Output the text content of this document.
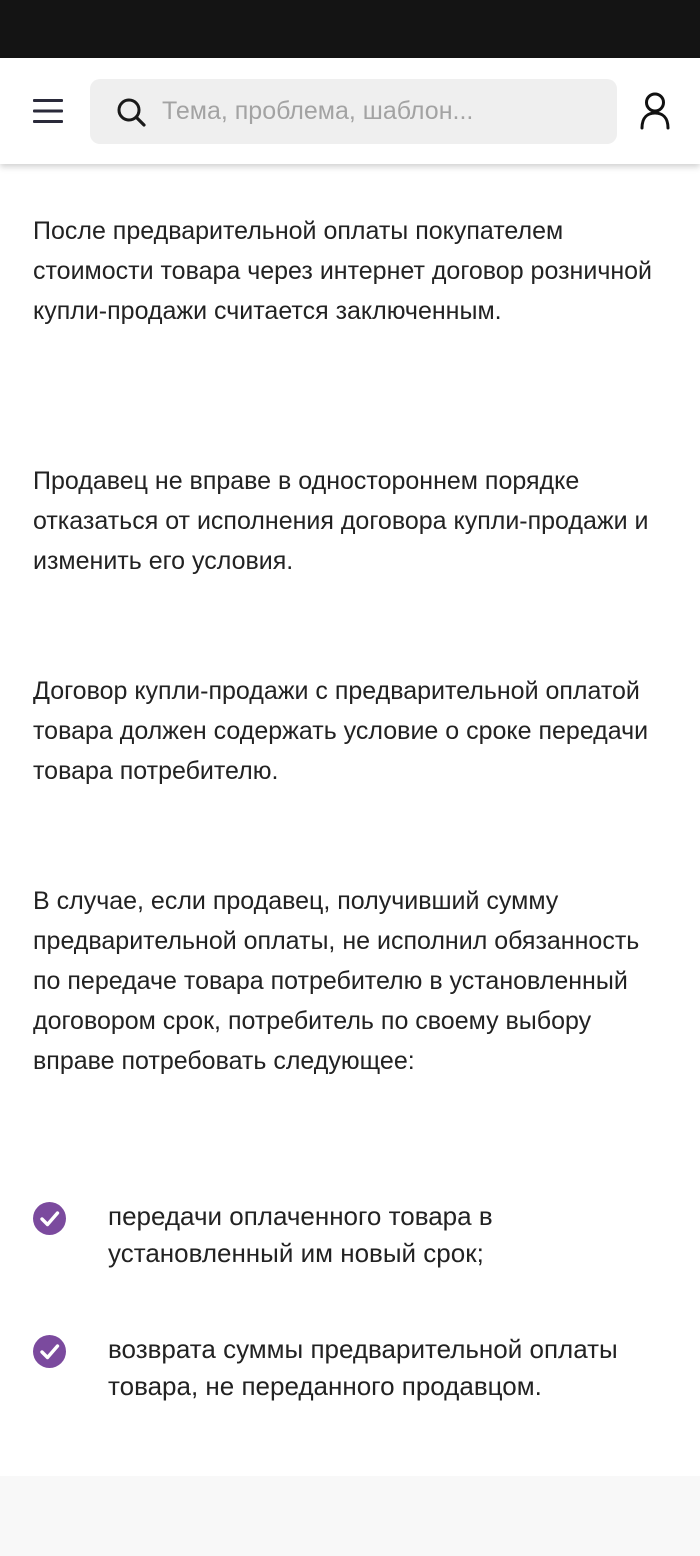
Тема, проблема, шаблон...

После предварительной оплаты покупателем стоимости товара через интернет договор розничной купли-продажи считается заключенным.

Продавец не вправе в одностороннем порядке отказаться от исполнения договора купли-продажи и изменить его условия.

Договор купли-продажи с предварительной оплатой товара должен содержать условие о сроке передачи товара потребителю.

В случае, если продавец, получивший сумму предварительной оплаты, не исполнил обязанность по передаче товара потребителю в установленный договором срок, потребитель по своему выбору вправе потребовать следующее:

передачи оплаченного товара в установленный им новый срок;

возврата суммы предварительной оплаты товара, не переданного продавцом.
